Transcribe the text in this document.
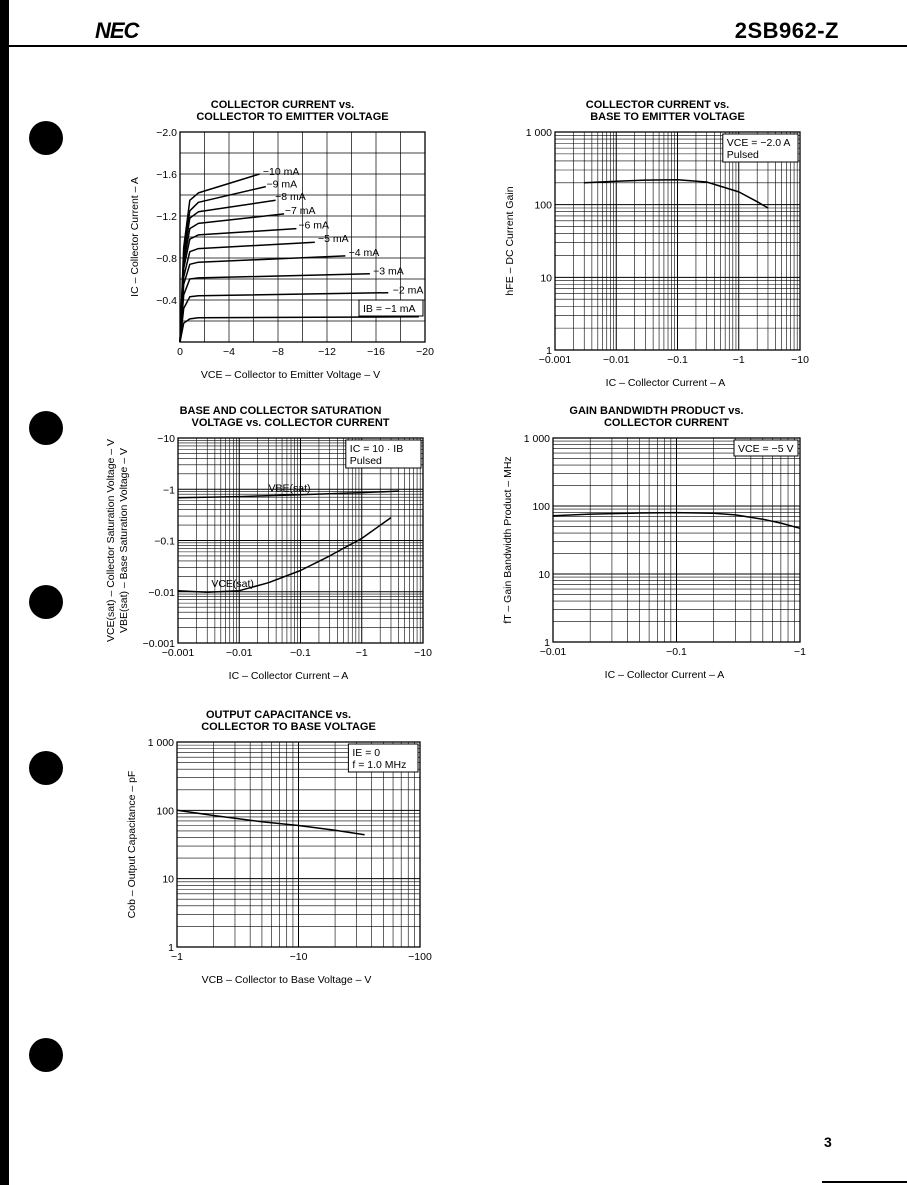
NEC	2SB962-Z
3
COLLECTOR CURRENT vs.
COLLECTOR TO EMITTER VOLTAGE
0	−4	−8	−12	−16	−20
−0.4
−0.8
−1.2
−1.6
−2.0
VCE – Collector to Emitter Voltage – V
IC – Collector Current – A
−10 mA
−9 mA
−8 mA
−7 mA
−6 mA
−5 mA
−4 mA
−3 mA
−2 mA
IB = −1 mA
COLLECTOR CURRENT vs.
BASE TO EMITTER VOLTAGE
−0.001	−0.01	−0.1	−1	−10
1
10
100
1 000
IC – Collector Current – A
hFE – DC Current Gain
VCE = −2.0 A
Pulsed
BASE AND COLLECTOR SATURATION
VOLTAGE vs. COLLECTOR CURRENT
−0.001	−0.01	−0.1	−1	−10
−0.001
−0.01
−0.1
−1
−10
IC – Collector Current – A
VCE(sat) – Collector Saturation Voltage – V VBE(sat) – Base Saturation Voltage – V	VBE(sat)
VCE(sat)
IC = 10 · IB
Pulsed
GAIN BANDWIDTH PRODUCT vs.
COLLECTOR CURRENT
−0.01	−0.1	−1
1
10
100
1 000
IC – Collector Current – A
fT – Gain Bandwidth Product – MHz
VCE = −5 V
OUTPUT CAPACITANCE vs.
COLLECTOR TO BASE VOLTAGE
−1	−10	−100
1
10
100
1 000
VCB – Collector to Base Voltage – V
Cob – Output Capacitance – pF
IE = 0
f = 1.0 MHz
